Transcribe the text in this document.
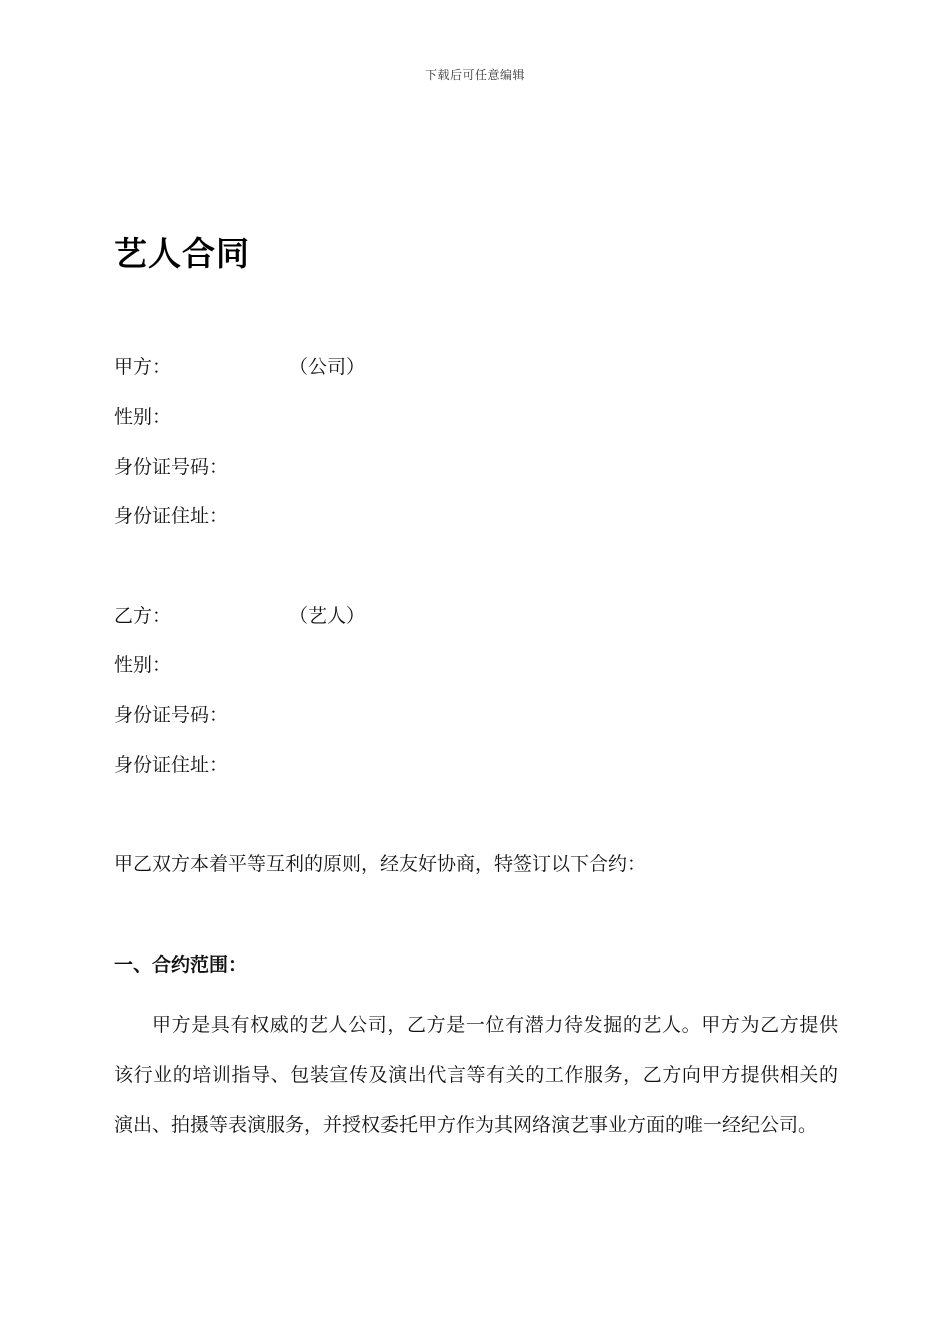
下载后可任意编辑
艺人合同
甲方：	（公司）
性别：
身份证号码：
身份证住址：
乙方：	（艺人）
性别：
身份证号码：
身份证住址：
甲乙双方本着平等互利的原则，经友好协商，特签订以下合约：
一、合约范围：
甲方是具有权威的艺人公司，乙方是一位有潜力待发掘的艺人。甲方为乙方提供
该行业的培训指导、包装宣传及演出代言等有关的工作服务，乙方向甲方提供相关的
演出、拍摄等表演服务，并授权委托甲方作为其网络演艺事业方面的唯一经纪公司。
